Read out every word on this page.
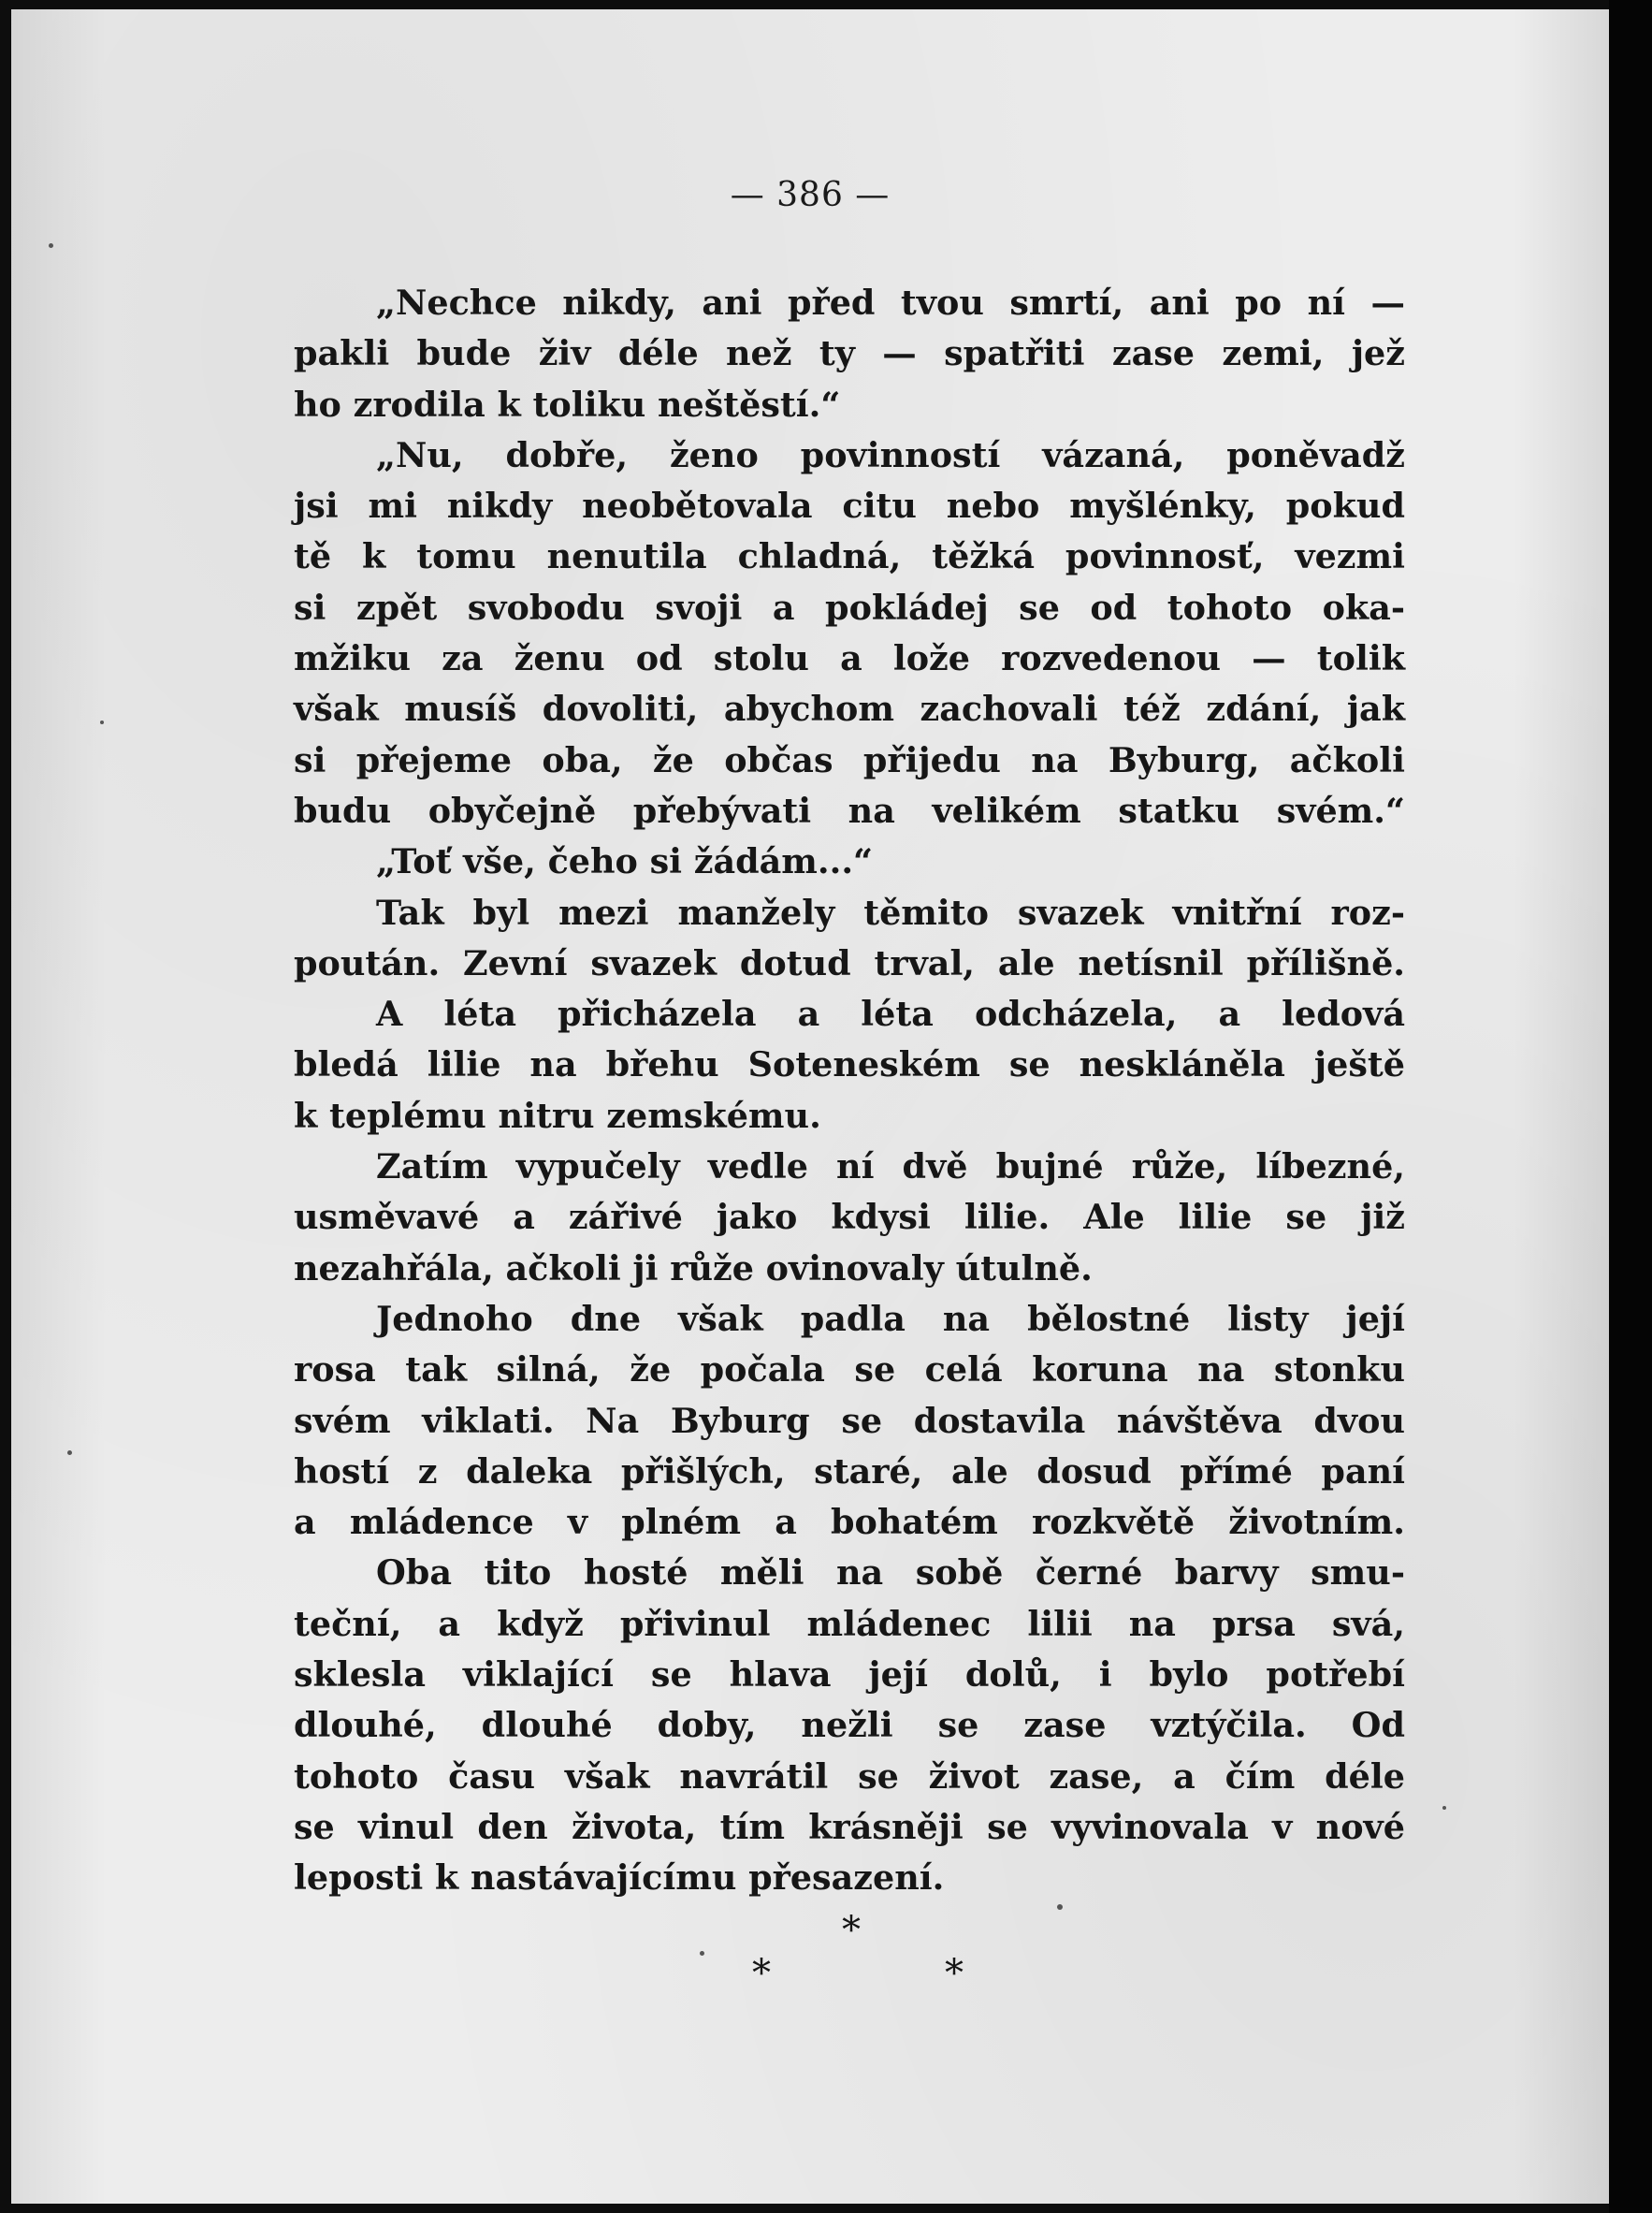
— 386 —
„Nechce nikdy, ani před tvou smrtí, ani po ní —
pakli bude živ déle než ty — spatřiti zase zemi, jež
ho zrodila k toliku neštěstí.“
„Nu, dobře, ženo povinností vázaná, poněvadž
jsi mi nikdy neobětovala citu nebo myšlénky, pokud
tě k tomu nenutila chladná, těžká povinnosť, vezmi
si zpět svobodu svoji a pokládej se od tohoto oka-
mžiku za ženu od stolu a lože rozvedenou — tolik
však musíš dovoliti, abychom zachovali též zdání, jak
si přejeme oba, že občas přijedu na Byburg, ačkoli
budu obyčejně přebývati na velikém statku svém.“
„Toť vše, čeho si žádám...“
Tak byl mezi manžely těmito svazek vnitřní roz-
poután. Zevní svazek dotud trval, ale netísnil přílišně.
A léta přicházela a léta odcházela, a ledová
bledá lilie na břehu Soteneském se neskláněla ještě
k teplému nitru zemskému.
Zatím vypučely vedle ní dvě bujné růže, líbezné,
usměvavé a zářivé jako kdysi lilie. Ale lilie se již
nezahřála, ačkoli ji růže ovinovaly útulně.
Jednoho dne však padla na bělostné listy její
rosa tak silná, že počala se celá koruna na stonku
svém viklati. Na Byburg se dostavila návštěva dvou
hostí z daleka přišlých, staré, ale dosud přímé paní
a mládence v plném a bohatém rozkvětě životním.
Oba tito hosté měli na sobě černé barvy smu-
teční, a když přivinul mládenec lilii na prsa svá,
sklesla viklající se hlava její dolů, i bylo potřebí
dlouhé, dlouhé doby, nežli se zase vztýčila. Od
tohoto času však navrátil se život zase, a čím déle
se vinul den života, tím krásněji se vyvinovala v nové
leposti k nastávajícímu přesazení.
*
*	*
